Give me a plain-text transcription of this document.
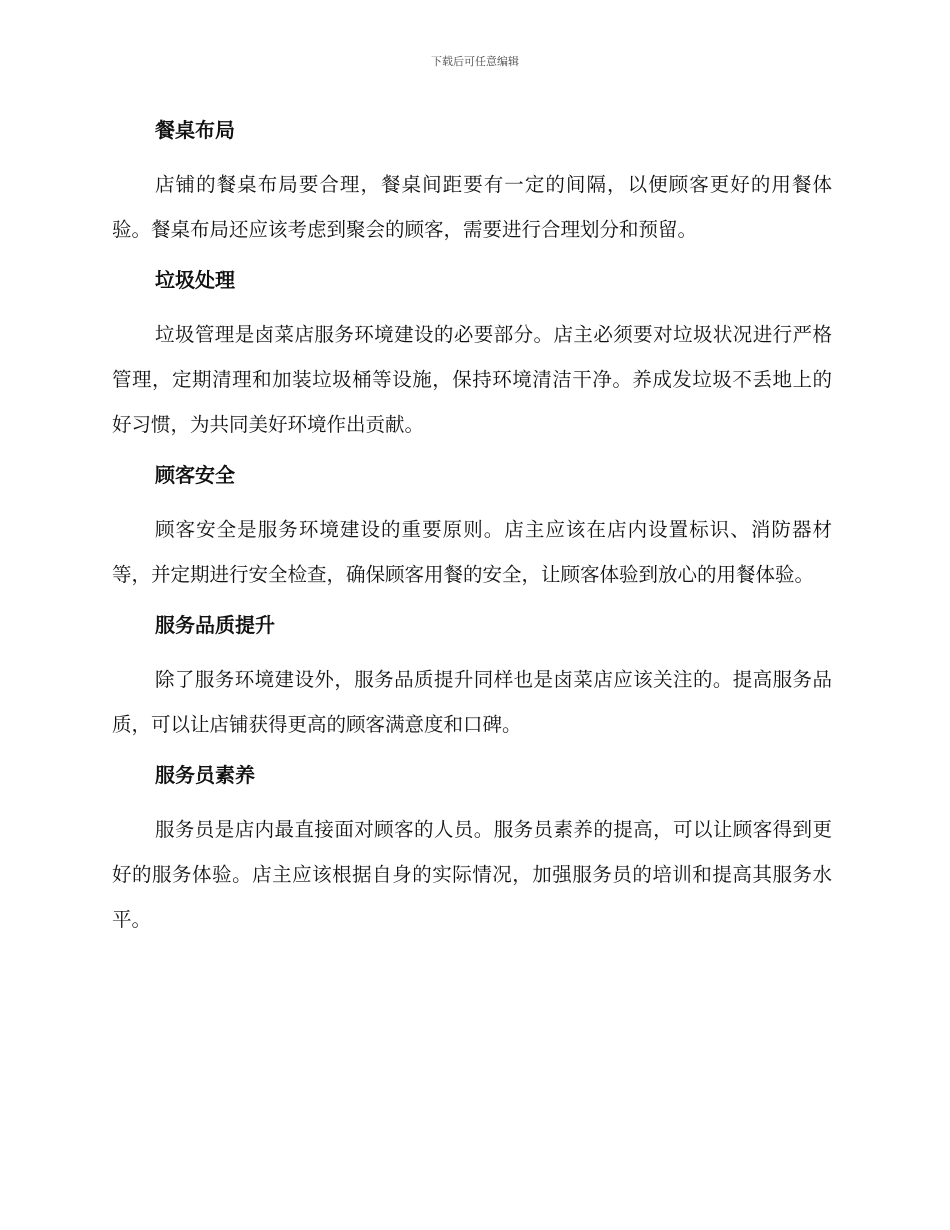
下载后可任意编辑
餐桌布局

店铺的餐桌布局要合理，餐桌间距要有一定的间隔，以便顾客更好的用餐体验。餐桌布局还应该考虑到聚会的顾客，需要进行合理划分和预留。

垃圾处理

垃圾管理是卤菜店服务环境建设的必要部分。店主必须要对垃圾状况进行严格管理，定期清理和加装垃圾桶等设施，保持环境清洁干净。养成发垃圾不丢地上的好习惯，为共同美好环境作出贡献。

顾客安全

顾客安全是服务环境建设的重要原则。店主应该在店内设置标识、消防器材等，并定期进行安全检查，确保顾客用餐的安全，让顾客体验到放心的用餐体验。

服务品质提升

除了服务环境建设外，服务品质提升同样也是卤菜店应该关注的。提高服务品质，可以让店铺获得更高的顾客满意度和口碑。

服务员素养

服务员是店内最直接面对顾客的人员。服务员素养的提高，可以让顾客得到更好的服务体验。店主应该根据自身的实际情况，加强服务员的培训和提高其服务水平。
